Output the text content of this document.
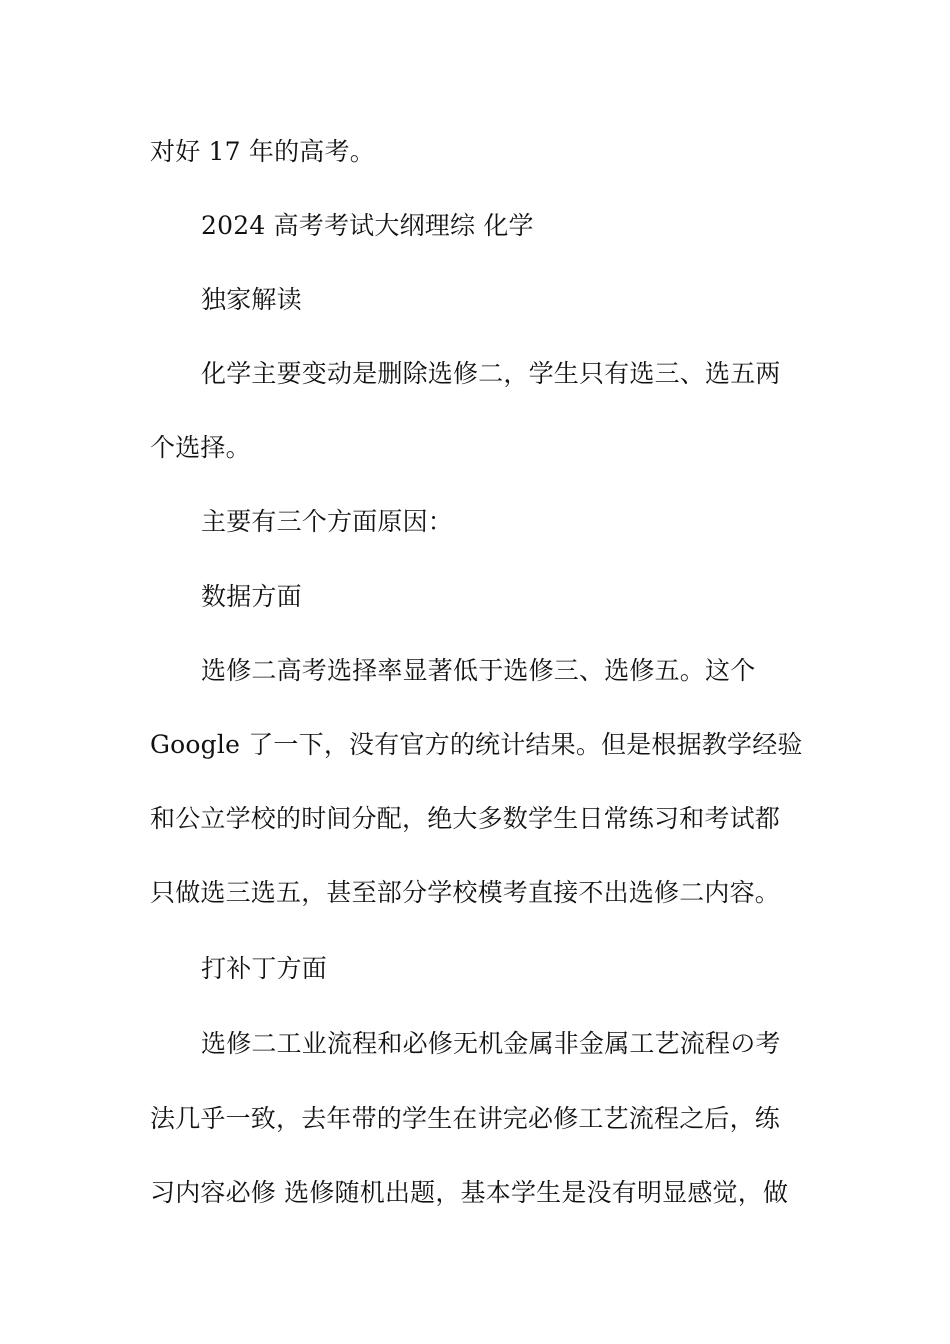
对好 17 年的高考。
2024 高考考试大纲理综 化学
独家解读
化学主要变动是删除选修二，学生只有选三、选五两
个选择。
主要有三个方面原因：
数据方面
选修二高考选择率显著低于选修三、选修五。这个
Google 了一下，没有官方的统计结果。但是根据教学经验
和公立学校的时间分配，绝大多数学生日常练习和考试都
只做选三选五，甚至部分学校模考直接不出选修二内容。
打补丁方面
选修二工业流程和必修无机金属非金属工艺流程の考
法几乎一致，去年带的学生在讲完必修工艺流程之后，练
习内容必修 选修随机出题，基本学生是没有明显感觉，做
